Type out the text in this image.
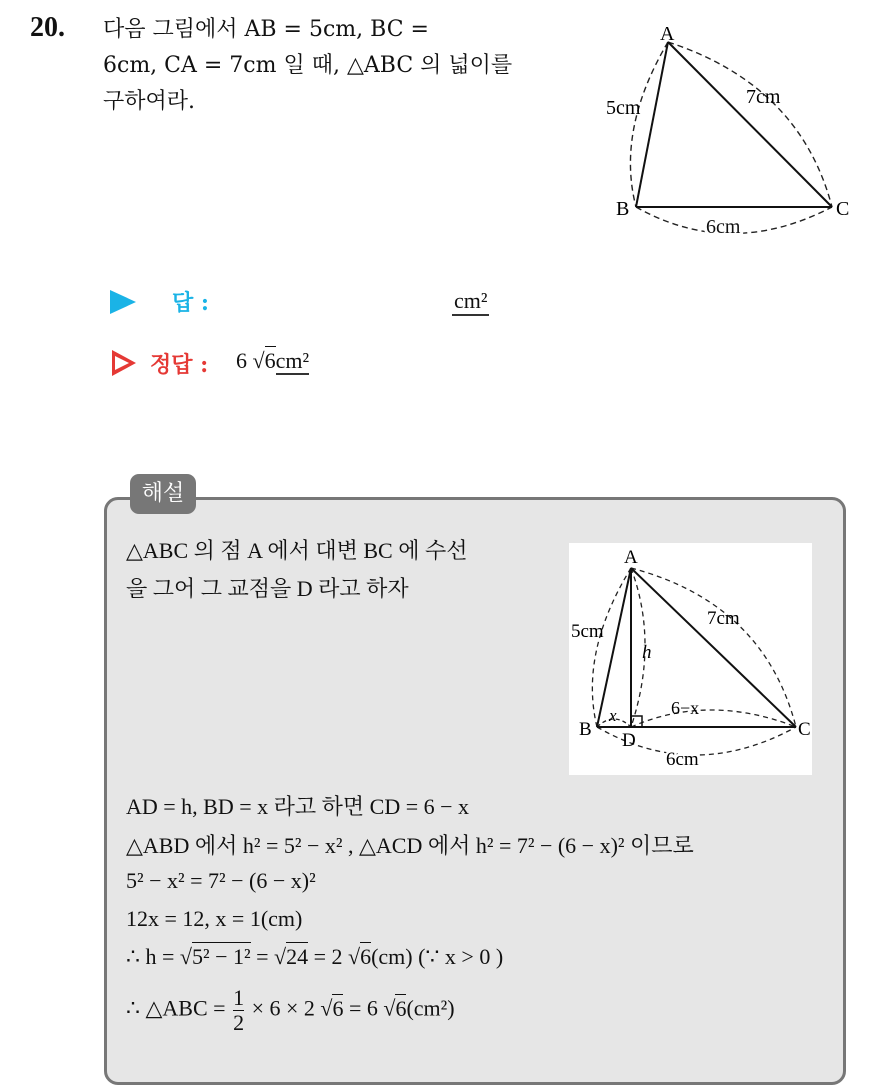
20. 다음 그림에서 AB = 5cm, BC =
6cm, CA = 7cm 일 때, △ABC 의 넓이를
구하여라.
A
B	C
5cm	7cm
6cm
답 :	cm²
정답 : 6 √6cm²
해설
△ABC 의 점 A 에서 대변 BC 에 수선
을 그어 그 교점을 D 라고 하자
A
B	C
D
5cm
7cm
6cm
h
x	6−x
AD = h, BD = x 라고 하면 CD = 6 − x
△ABD 에서 h² = 5² − x² , △ACD 에서 h² = 7² − (6 − x)² 이므로
5² − x² = 7² − (6 − x)²
12x = 12, x = 1(cm)
∴ h = √5² − 1² = √24 = 2 √6(cm) (∵ x > 0 )
∴ △ABC = $\frac{1}{2} \times 6 \times 2$ √6 = 6 √6(cm²)
